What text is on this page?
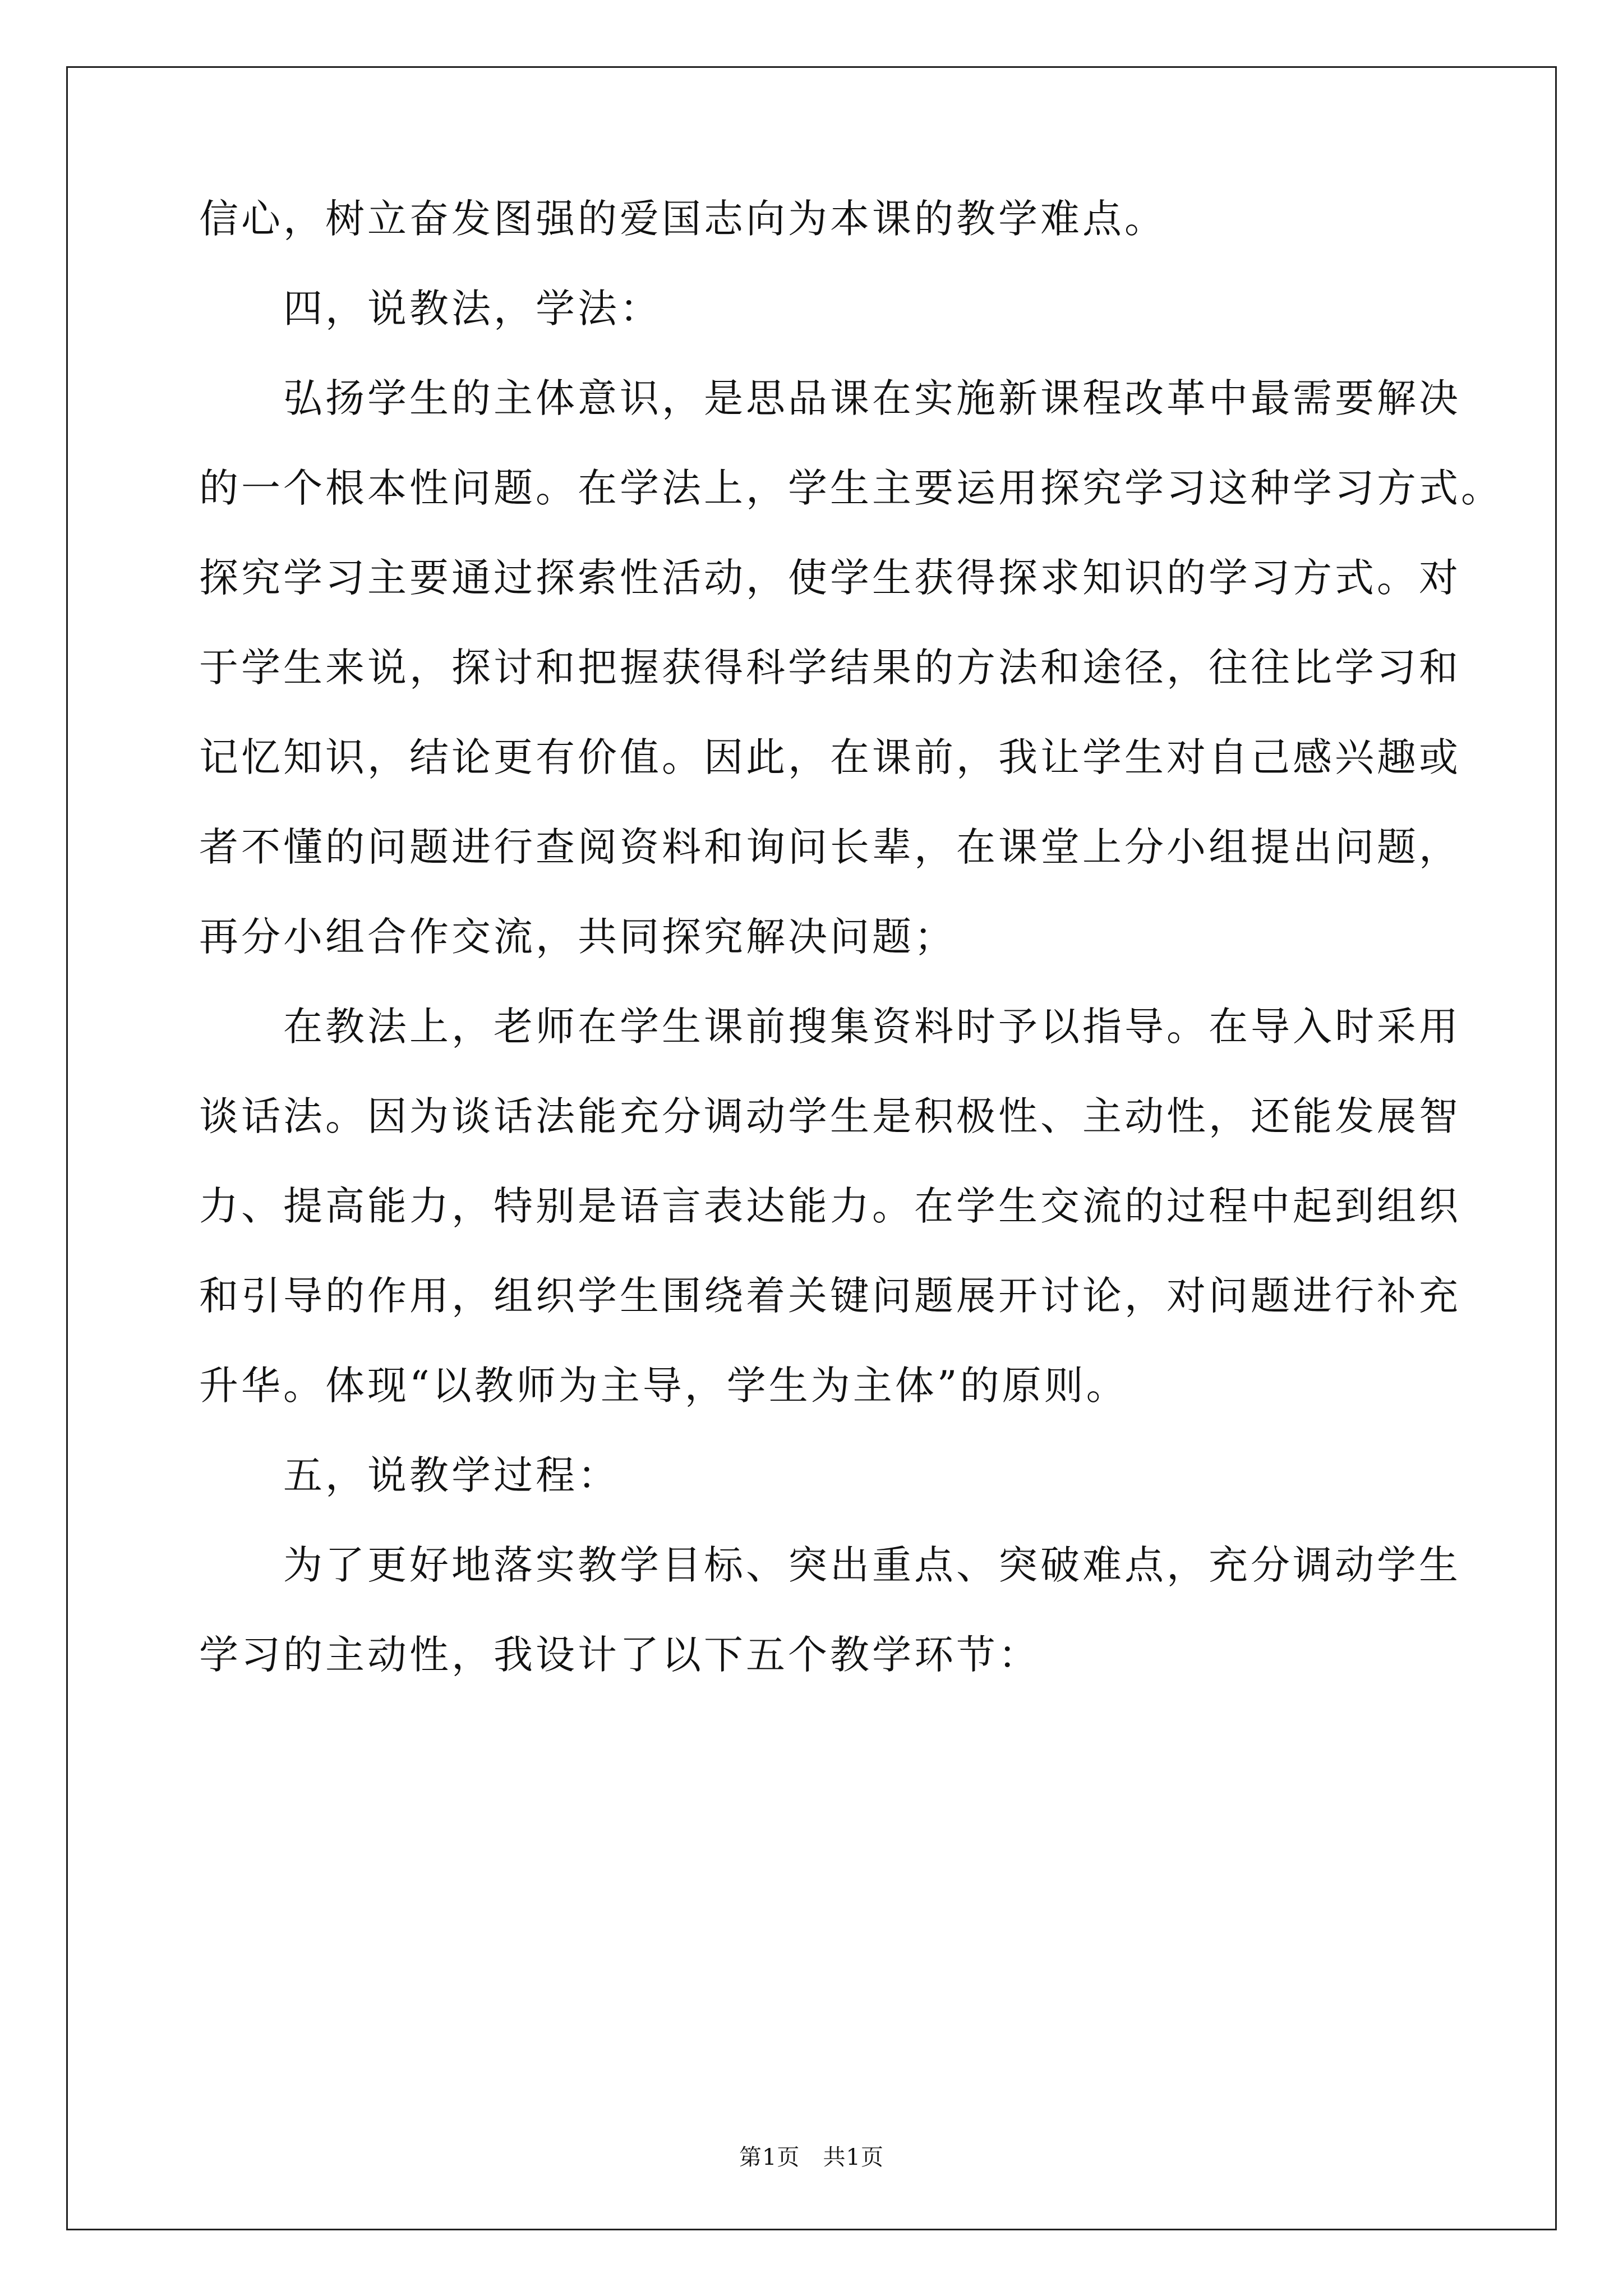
信心，树立奋发图强的爱国志向为本课的教学难点。
四，说教法，学法：
弘扬学生的主体意识，是思品课在实施新课程改革中最需要解决
的一个根本性问题。在学法上，学生主要运用探究学习这种学习方式。
探究学习主要通过探索性活动，使学生获得探求知识的学习方式。对
于学生来说，探讨和把握获得科学结果的方法和途径，往往比学习和
记忆知识，结论更有价值。因此，在课前，我让学生对自己感兴趣或
者不懂的问题进行查阅资料和询问长辈，在课堂上分小组提出问题，
再分小组合作交流，共同探究解决问题；
在教法上，老师在学生课前搜集资料时予以指导。在导入时采用
谈话法。因为谈话法能充分调动学生是积极性、主动性，还能发展智
力、提高能力，特别是语言表达能力。在学生交流的过程中起到组织
和引导的作用，组织学生围绕着关键问题展开讨论，对问题进行补充
升华。体现“以教师为主导，学生为主体”的原则。
五，说教学过程：
为了更好地落实教学目标、突出重点、突破难点，充分调动学生
学习的主动性，我设计了以下五个教学环节：
第1页   共1页
